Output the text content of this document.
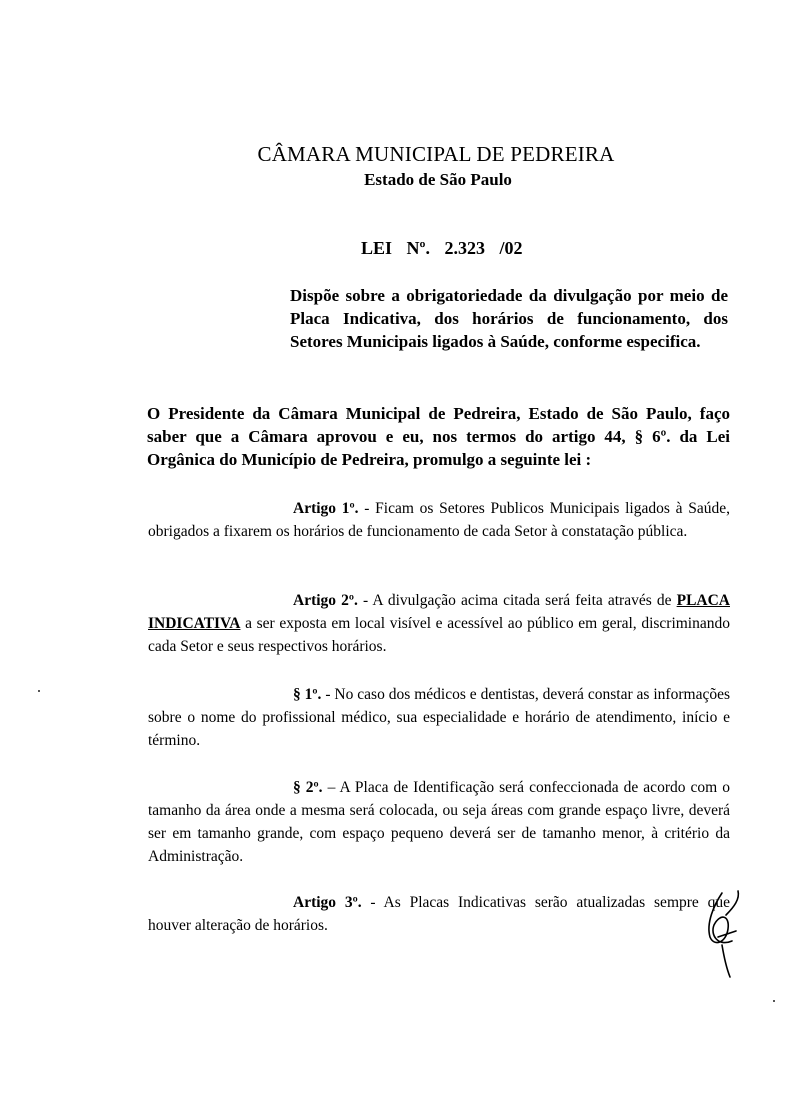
CÂMARA MUNICIPAL DE PEDREIRA
Estado de São Paulo
LEI Nº. 2.323 /02
Dispõe sobre a obrigatoriedade da divulgação por meio de Placa Indicativa, dos horários de funcionamento, dos Setores Municipais ligados à Saúde, conforme especifica.
O Presidente da Câmara Municipal de Pedreira, Estado de São Paulo, faço saber que a Câmara aprovou e eu, nos termos do artigo 44, § 6º. da Lei Orgânica do Município de Pedreira, promulgo a seguinte lei :
Artigo 1º. - Ficam os Setores Publicos Municipais ligados à Saúde, obrigados a fixarem os horários de funcionamento de cada Setor à constatação pública.
Artigo 2º. - A divulgação acima citada será feita através de PLACA INDICATIVA a ser exposta em local visível e acessível ao público em geral, discriminando cada Setor e seus respectivos horários.
§ 1º. - No caso dos médicos e dentistas, deverá constar as informações sobre o nome do profissional médico, sua especialidade e horário de atendimento, início e término.
§ 2º. – A Placa de Identificação será confeccionada de acordo com o tamanho da área onde a mesma será colocada, ou seja áreas com grande espaço livre, deverá ser em tamanho grande, com espaço pequeno deverá ser de tamanho menor, à critério da Administração.
Artigo 3º. - As Placas Indicativas serão atualizadas sempre que houver alteração de horários.
